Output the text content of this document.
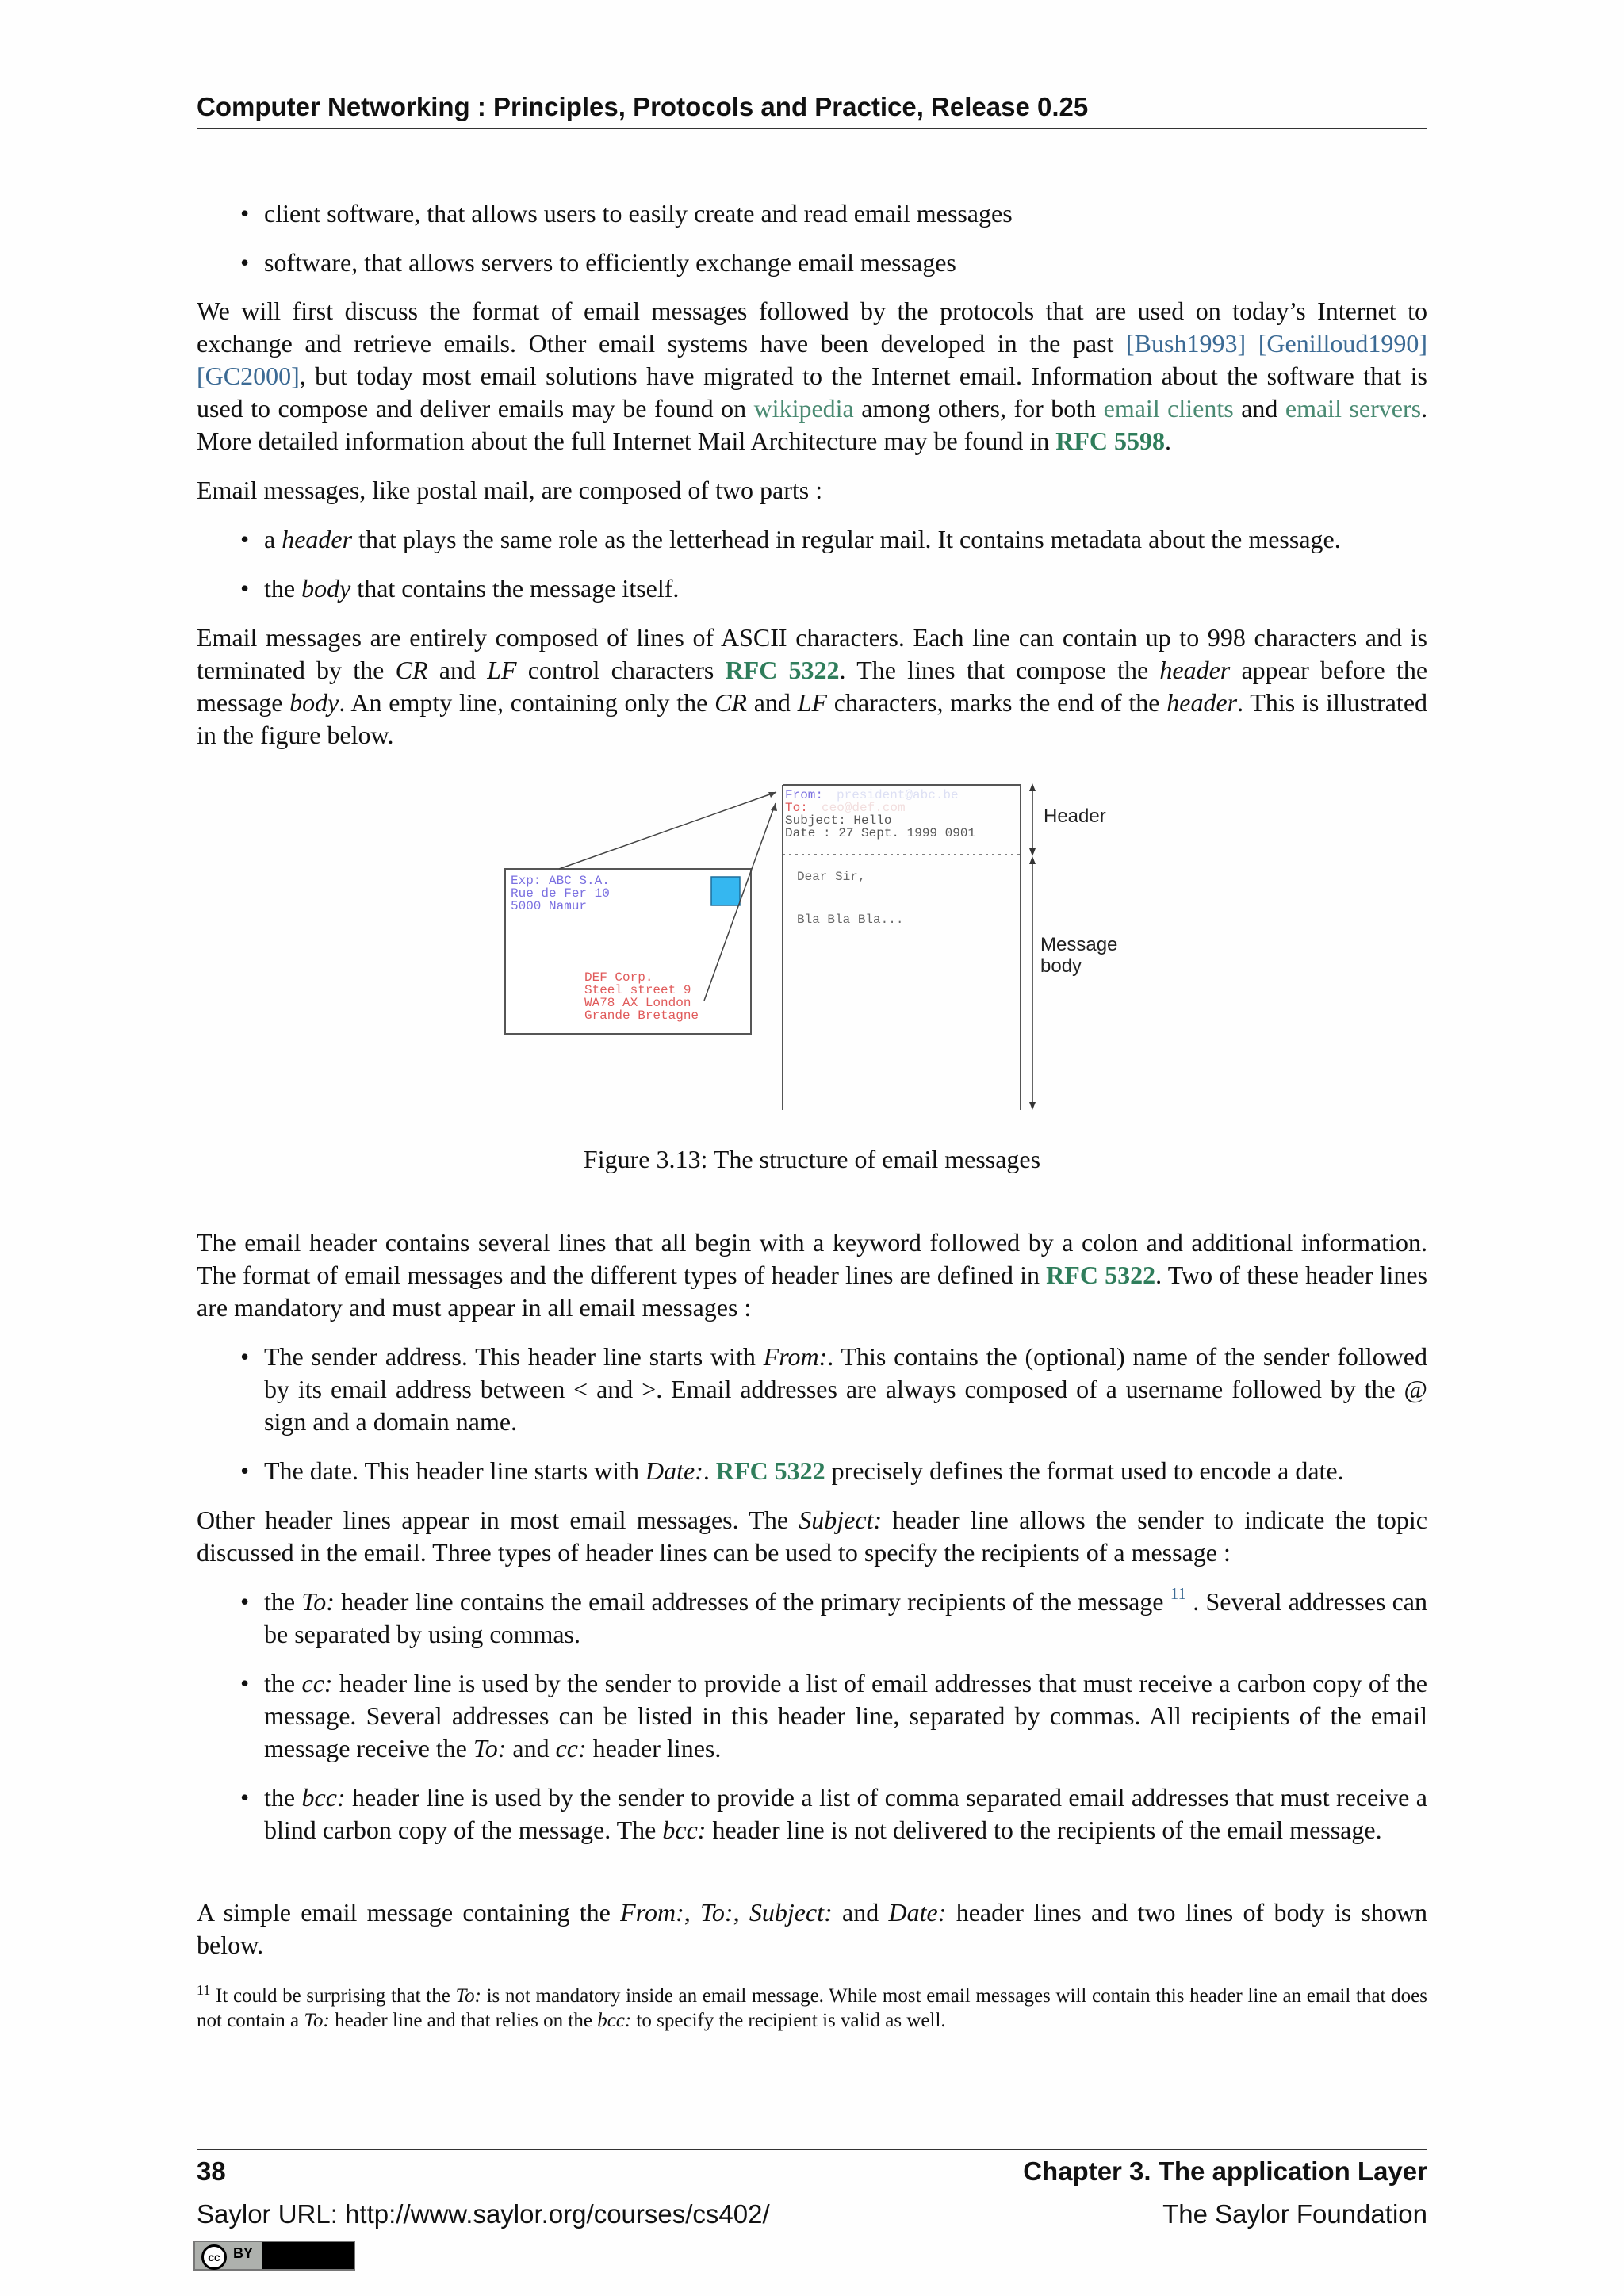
Computer Networking : Principles, Protocols and Practice, Release 0.25
• client software, that allows users to easily create and read email messages
• software, that allows servers to efficiently exchange email messages

We will first discuss the format of email messages followed by the protocols that are used on today’s Internet to exchange and retrieve emails. Other email systems have been developed in the past [Bush1993] [Genilloud1990] [GC2000], but today most email solutions have migrated to the Internet email. Information about the software that is used to compose and deliver emails may be found on wikipedia among others, for both email clients and email servers. More detailed information about the full Internet Mail Architecture may be found in RFC 5598.

Email messages, like postal mail, are composed of two parts :
• a header that plays the same role as the letterhead in regular mail. It contains metadata about the message.
• the body that contains the message itself.

Email messages are entirely composed of lines of ASCII characters. Each line can contain up to 998 characters and is terminated by the CR and LF control characters RFC 5322. The lines that compose the header appear before the message body. An empty line, containing only the CR and LF characters, marks the end of the header. This is illustrated in the figure below.

Exp: ABC S.A.
Rue de Fer 10
5000 Namur
DEF Corp.
Steel street 9
WA78 AX London
Grande Bretagne
From: president@abc.be
To: ceo@def.com
Subject: Hello
Date : 27 Sept. 1999 0901
Dear Sir,
Bla Bla Bla...
Header
Message
body
Figure 3.13: The structure of email messages

The email header contains several lines that all begin with a keyword followed by a colon and additional information. The format of email messages and the different types of header lines are defined in RFC 5322. Two of these header lines are mandatory and must appear in all email messages :

• The sender address. This header line starts with From:. This contains the (optional) name of the sender followed by its email address between < and >. Email addresses are always composed of a username followed by the @ sign and a domain name.
• The date. This header line starts with Date:. RFC 5322 precisely defines the format used to encode a date.

Other header lines appear in most email messages. The Subject: header line allows the sender to indicate the topic discussed in the email. Three types of header lines can be used to specify the recipients of a message :

• the To: header line contains the email addresses of the primary recipients of the message $^{11}$ . Several addresses can be separated by using commas.
• the cc: header line is used by the sender to provide a list of email addresses that must receive a carbon copy of the message. Several addresses can be listed in this header line, separated by commas. All recipients of the email message receive the To: and cc: header lines.
• the bcc: header line is used by the sender to provide a list of comma separated email addresses that must receive a blind carbon copy of the message. The bcc: header line is not delivered to the recipients of the email message.

A simple email message containing the From:, To:, Subject: and Date: header lines and two lines of body is shown below.

$^{11}$ It could be surprising that the To: is not mandatory inside an email message. While most email messages will contain this header line an email that does not contain a To: header line and that relies on the bcc: to specify the recipient is valid as well.
38	Chapter 3. The application Layer
Saylor URL: http://www.saylor.org/courses/cs402/	The Saylor Foundation
cc BY
